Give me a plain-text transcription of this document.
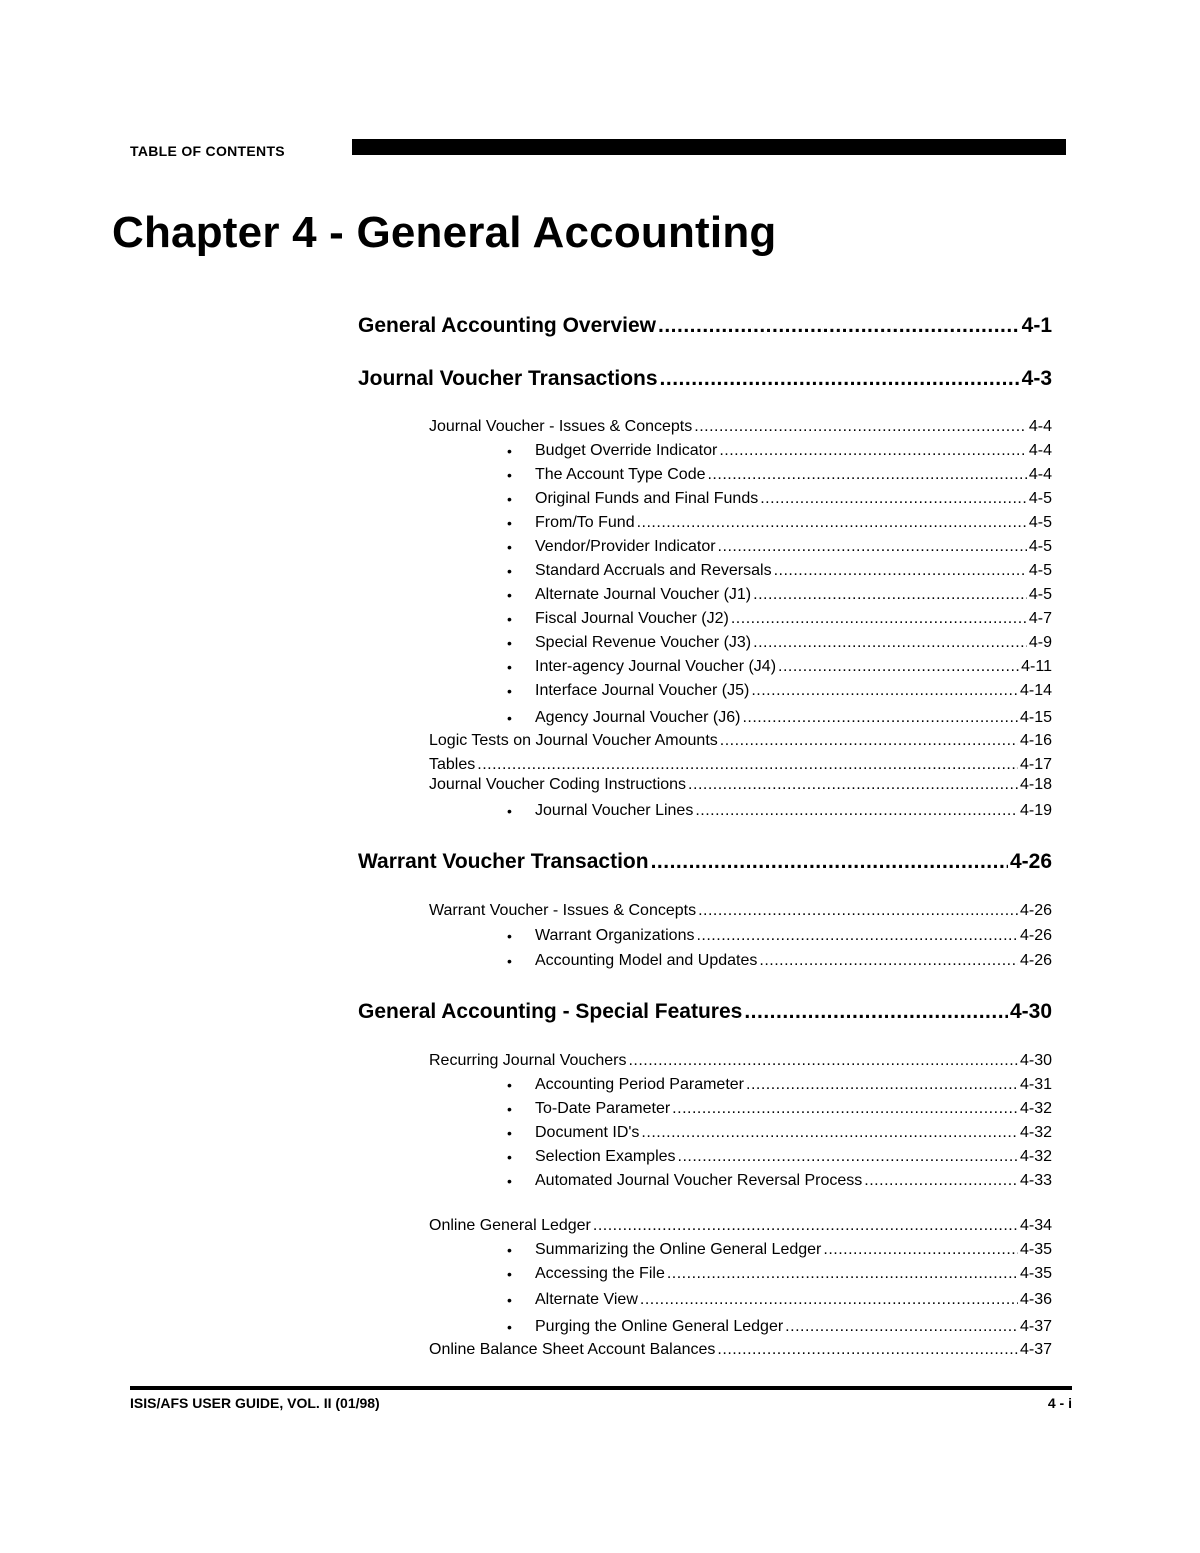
TABLE OF CONTENTS
Chapter 4 - General Accounting
General Accounting Overview .....	4-1
Journal Voucher Transactions .....	4-3
Journal Voucher - Issues & Concepts .....	4-4
Budget Override Indicator .....	4-4
•
The Account Type Code .....	4-4
•
Original Funds and Final Funds .....	4-5
•
From/To Fund .....	4-5
•
Vendor/Provider Indicator .....	4-5
•
Standard Accruals and Reversals .....	4-5
•
Alternate Journal Voucher (J1) .....	4-5
•
Fiscal Journal Voucher (J2) .....	4-7
•
Special Revenue Voucher (J3) .....	4-9
•
Inter-agency Journal Voucher (J4) .....	4-11
•
Interface Journal Voucher (J5) .....	4-14
•
Agency Journal Voucher (J6) .....	4-15
•
Logic Tests on Journal Voucher Amounts .....	4-16
Tables .....	4-17
Journal Voucher Coding Instructions .....	4-18
Journal Voucher Lines .....	4-19
•
Warrant Voucher Transaction .....	4-26
Warrant Voucher - Issues & Concepts .....	4-26
Warrant Organizations .....	4-26
•
Accounting Model and Updates .....	4-26
•
General Accounting - Special Features .....	4-30
Recurring Journal Vouchers .....	4-30
Accounting Period Parameter .....	4-31
•
To-Date Parameter .....	4-32
•
Document ID's .....	4-32
•
Selection Examples .....	4-32
•
Automated Journal Voucher Reversal Process .....	4-33
•
Online General Ledger .....	4-34
Summarizing the Online General Ledger .....	4-35
•
Accessing the File .....	4-35
•
Alternate View .....	4-36
•
Purging the Online General Ledger .....	4-37
•
Online Balance Sheet Account Balances .....	4-37
ISIS/AFS USER GUIDE, VOL. II (01/98)	4 - i
